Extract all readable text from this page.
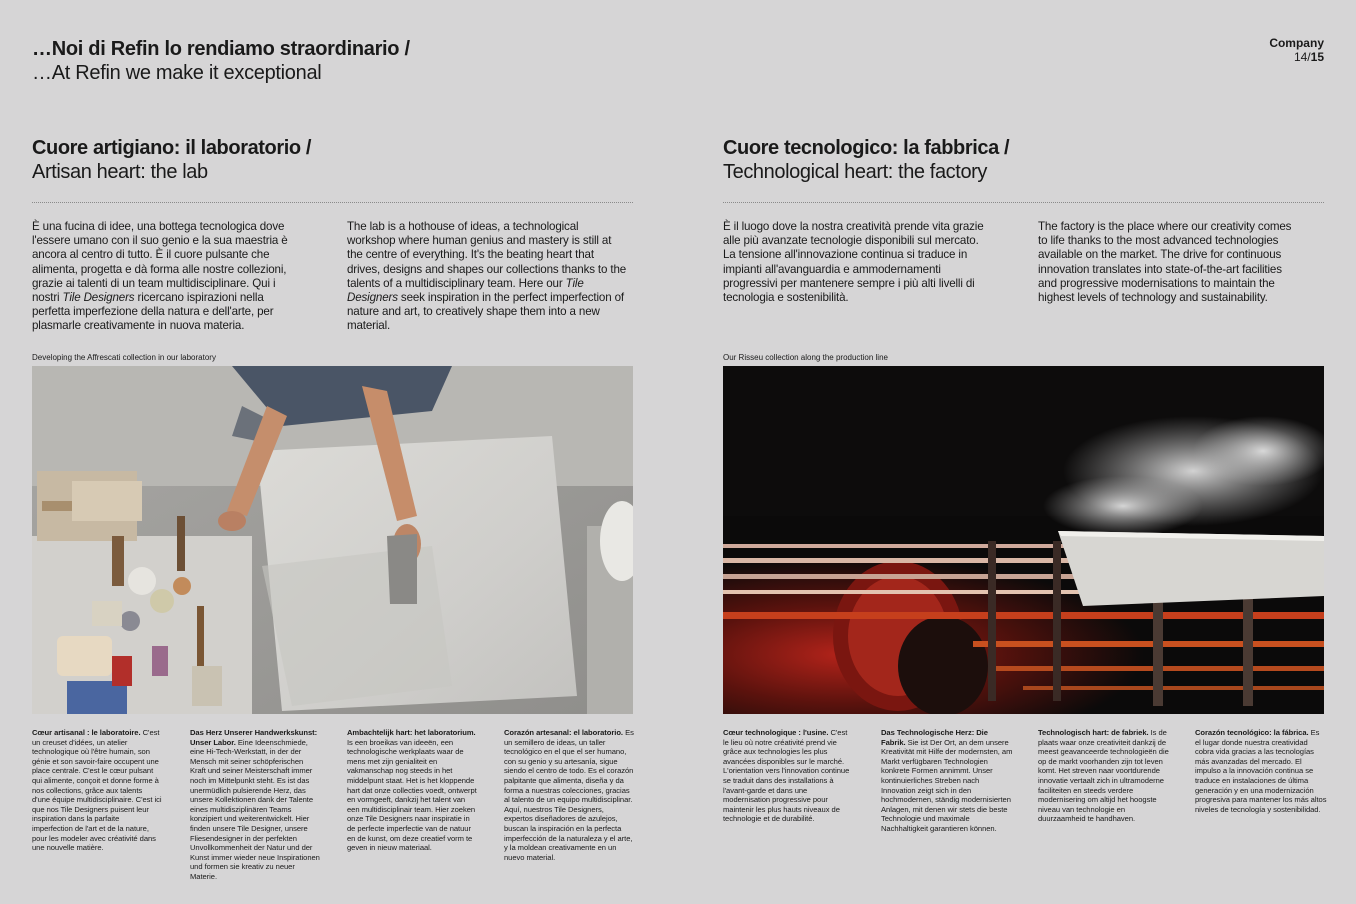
…Noi di Refin lo rendiamo straordinario /
…At Refin we make it exceptional
Company
14/15
Cuore artigiano: il laboratorio /
Artisan heart: the lab

È una fucina di idee, una bottega tecnologica dove l'essere umano con il suo genio e la sua maestria è ancora al centro di tutto. È il cuore pulsante che alimenta, progetta e dà forma alle nostre collezioni, grazie ai talenti di un team multidisciplinare. Qui i nostri Tile Designers ricercano ispirazioni nella perfetta imperfezione della natura e dell'arte, per plasmarle creativamente in nuova materia.

The lab is a hothouse of ideas, a technological workshop where human genius and mastery is still at the centre of everything. It's the beating heart that drives, designs and shapes our collections thanks to the talents of a multidisciplinary team. Here our Tile Designers seek inspiration in the perfect imperfection of nature and art, to creatively shape them into a new material.

Developing the Affrescati collection in our laboratory
Cœur artisanal : le laboratoire. C'est un creuset d'idées, un atelier technologique où l'être humain, son génie et son savoir-faire occupent une place centrale. C'est le cœur pulsant qui alimente, conçoit et donne forme à nos collections, grâce aux talents d'une équipe multidisciplinaire. C'est ici que nos Tile Designers puisent leur inspiration dans la parfaite imperfection de l'art et de la nature, pour les modeler avec créativité dans une nouvelle matière.
Das Herz Unserer Handwerkskunst: Unser Labor. Eine Ideenschmiede, eine Hi-Tech-Werkstatt, in der der Mensch mit seiner schöpferischen Kraft und seiner Meisterschaft immer noch im Mittelpunkt steht. Es ist das unermüdlich pulsierende Herz, das unsere Kollektionen dank der Talente eines multidisziplinären Teams konzipiert und weiterentwickelt. Hier finden unsere Tile Designer, unsere Fliesendesigner in der perfekten Unvollkommenheit der Natur und der Kunst immer wieder neue Inspirationen und formen sie kreativ zu neuer Materie.
Ambachtelijk hart: het laboratorium. Is een broeikas van ideeën, een technologische werkplaats waar de mens met zijn genialiteit en vakmanschap nog steeds in het middelpunt staat. Het is het kloppende hart dat onze collecties voedt, ontwerpt en vormgeeft, dankzij het talent van een multidisciplinair team. Hier zoeken onze Tile Designers naar inspiratie in de perfecte imperfectie van de natuur en de kunst, om deze creatief vorm te geven in nieuw materiaal.
Corazón artesanal: el laboratorio. Es un semillero de ideas, un taller tecnológico en el que el ser humano, con su genio y su artesanía, sigue siendo el centro de todo. Es el corazón palpitante que alimenta, diseña y da forma a nuestras colecciones, gracias al talento de un equipo multidisciplinar. Aquí, nuestros Tile Designers, expertos diseñadores de azulejos, buscan la inspiración en la perfecta imperfección de la naturaleza y el arte, y la moldean creativamente en un nuevo material.
Cuore tecnologico: la fabbrica /
Technological heart: the factory

È il luogo dove la nostra creatività prende vita grazie alle più avanzate tecnologie disponibili sul mercato. La tensione all'innovazione continua si traduce in impianti all'avanguardia e ammodernamenti progressivi per mantenere sempre i più alti livelli di tecnologia e sostenibilità.

The factory is the place where our creativity comes to life thanks to the most advanced technologies available on the market. The drive for continuous innovation translates into state-of-the-art facilities and progressive modernisations to maintain the highest levels of technology and sustainability.

Our Risseu collection along the production line
Cœur technologique : l'usine. C'est le lieu où notre créativité prend vie grâce aux technologies les plus avancées disponibles sur le marché. L'orientation vers l'innovation continue se traduit dans des installations à l'avant-garde et dans une modernisation progressive pour maintenir les plus hauts niveaux de technologie et de durabilité.
Das Technologische Herz: Die Fabrik. Sie ist Der Ort, an dem unsere Kreativität mit Hilfe der modernsten, am Markt verfügbaren Technologien konkrete Formen annimmt. Unser kontinuierliches Streben nach Innovation zeigt sich in den hochmodernen, ständig modernisierten Anlagen, mit denen wir stets die beste Technologie und maximale Nachhaltigkeit garantieren können.
Technologisch hart: de fabriek. Is de plaats waar onze creativiteit dankzij de meest geavanceerde technologieën die op de markt voorhanden zijn tot leven komt. Het streven naar voortdurende innovatie vertaalt zich in ultramoderne faciliteiten en steeds verdere modernisering om altijd het hoogste niveau van technologie en duurzaamheid te handhaven.
Corazón tecnológico: la fábrica. Es el lugar donde nuestra creatividad cobra vida gracias a las tecnologías más avanzadas del mercado. El impulso a la innovación continua se traduce en instalaciones de última generación y en una modernización progresiva para mantener los más altos niveles de tecnología y sostenibilidad.
